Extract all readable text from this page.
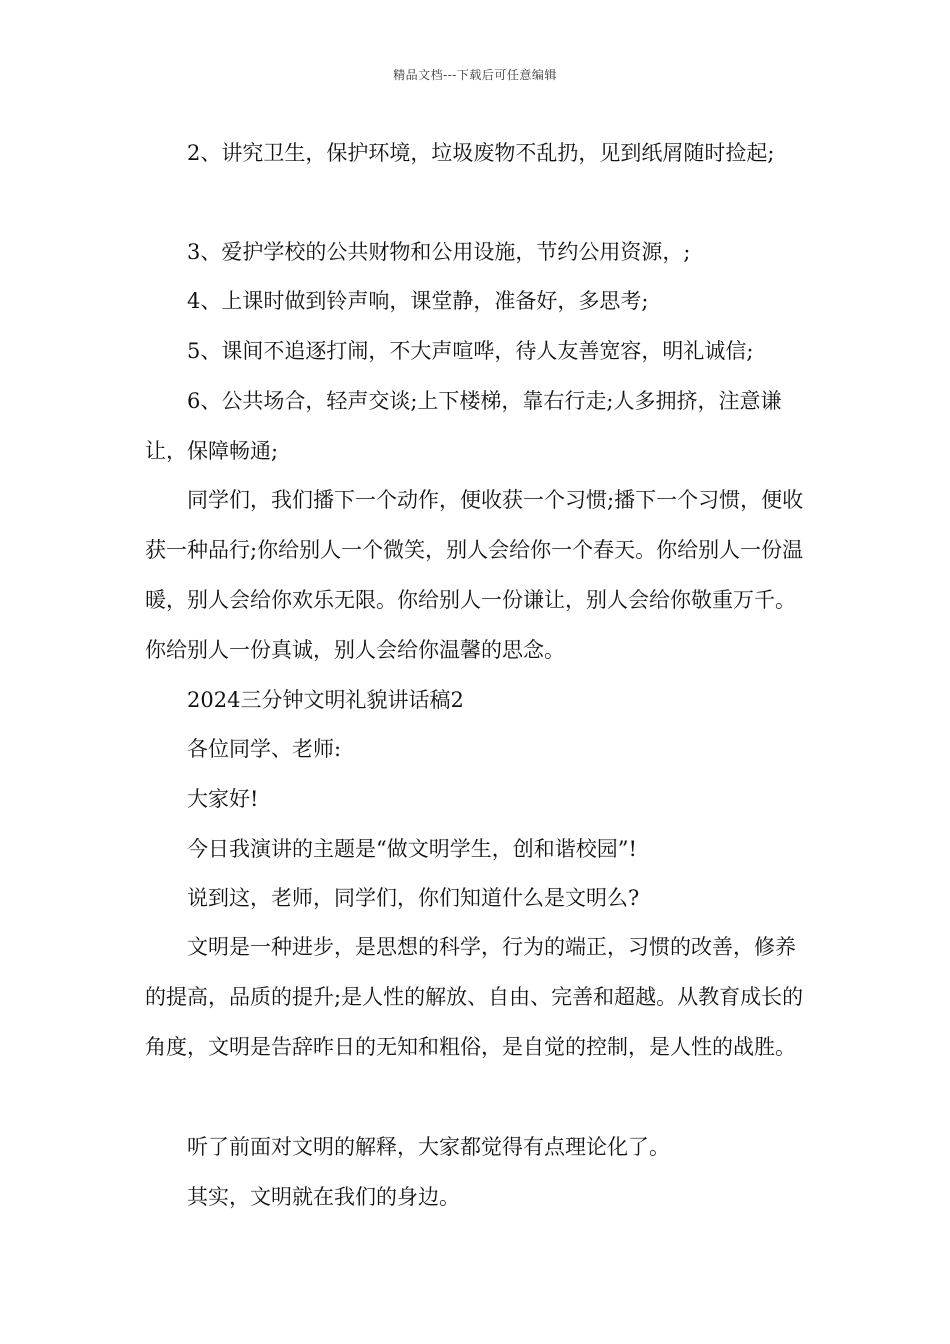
精品文档---下载后可任意编辑

2、讲究卫生，保护环境，垃圾废物不乱扔，见到纸屑随时捡起;

3、爱护学校的公共财物和公用设施，节约公用资源，;

4、上课时做到铃声响，课堂静，准备好，多思考;

5、课间不追逐打闹，不大声喧哗，待人友善宽容，明礼诚信;

6、公共场合，轻声交谈;上下楼梯，靠右行走;人多拥挤，注意谦让，保障畅通;

同学们，我们播下一个动作，便收获一个习惯;播下一个习惯，便收获一种品行;你给别人一个微笑，别人会给你一个春天。你给别人一份温暖，别人会给你欢乐无限。你给别人一份谦让，别人会给你敬重万千。你给别人一份真诚，别人会给你温馨的思念。

2024三分钟文明礼貌讲话稿2

各位同学、老师:

大家好!

今日我演讲的主题是“做文明学生，创和谐校园”!

说到这，老师，同学们，你们知道什么是文明么?

文明是一种进步，是思想的科学，行为的端正，习惯的改善，修养的提高，品质的提升;是人性的解放、自由、完善和超越。从教育成长的角度，文明是告辞昨日的无知和粗俗，是自觉的控制，是人性的战胜。

听了前面对文明的解释，大家都觉得有点理论化了。

其实，文明就在我们的身边。
